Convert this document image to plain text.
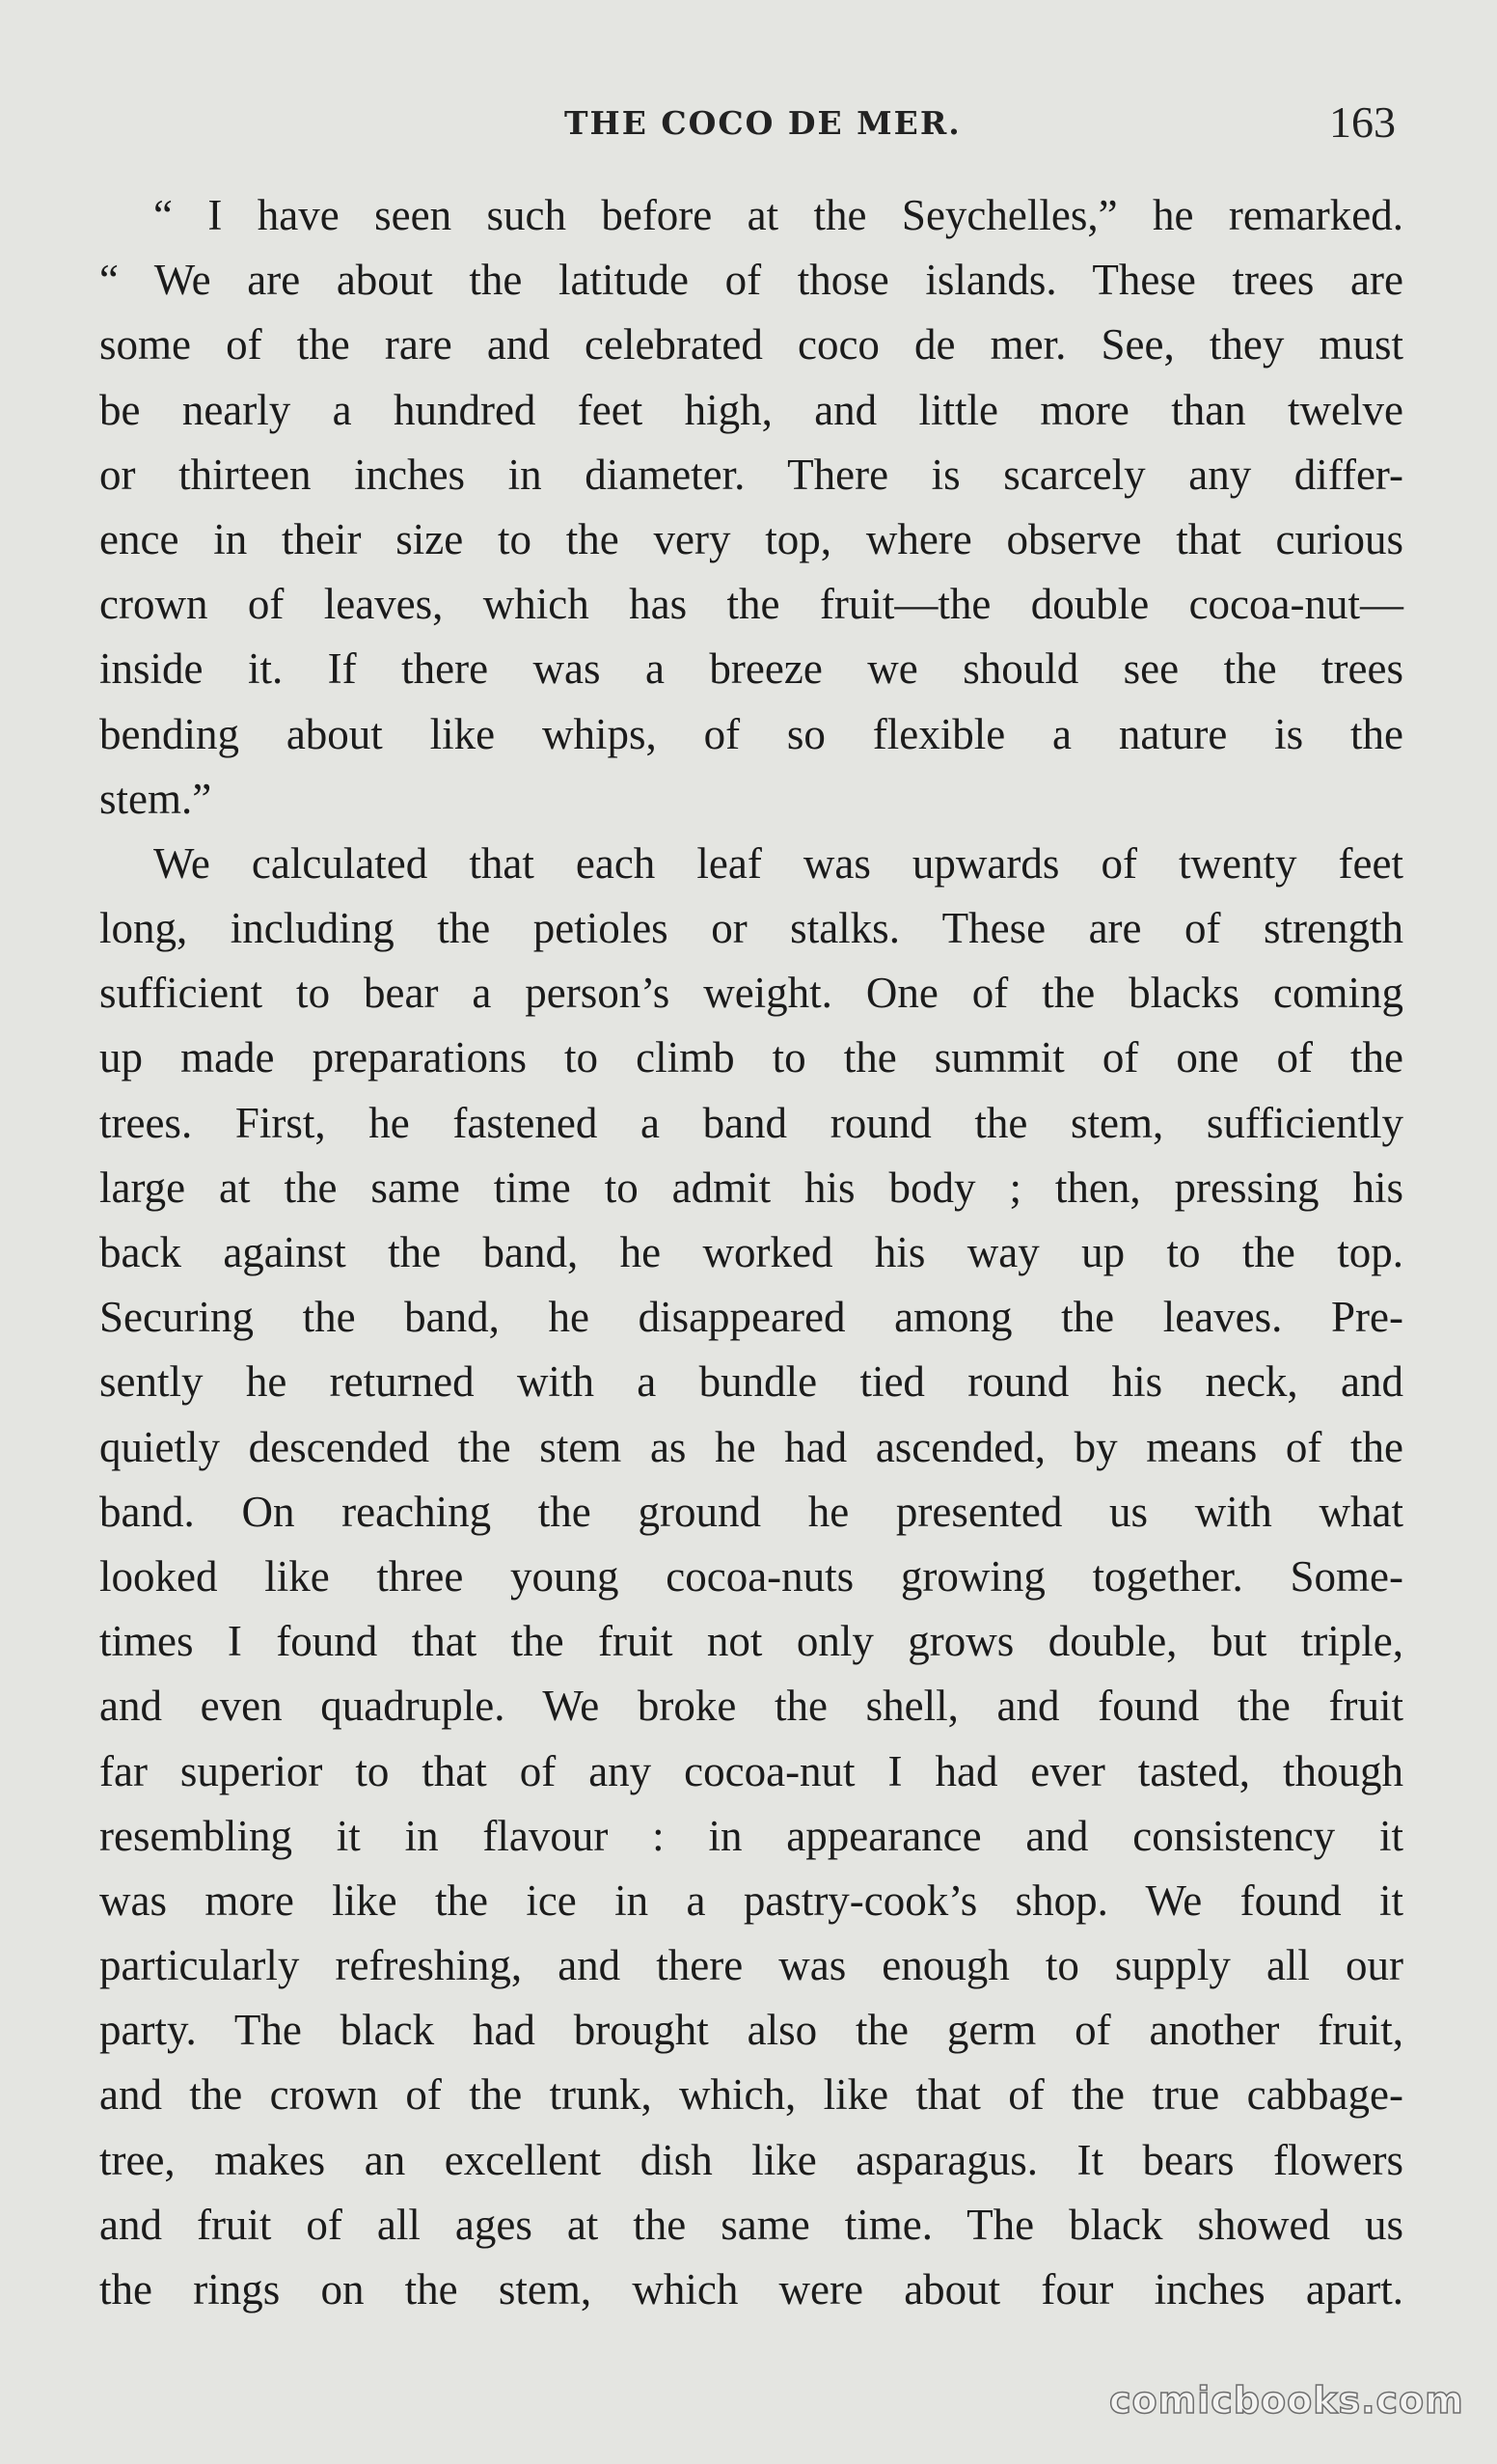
THE COCO DE MER.	163
“ I have seen such before at the Seychelles,” he remarked.
“ We are about the latitude of those islands. These trees are
some of the rare and celebrated coco de mer. See, they must
be nearly a hundred feet high, and little more than twelve
or thirteen inches in diameter. There is scarcely any differ-
ence in their size to the very top, where observe that curious
crown of leaves, which has the fruit—the double cocoa-nut—
inside it. If there was a breeze we should see the trees
bending about like whips, of so flexible a nature is the
stem.”
We calculated that each leaf was upwards of twenty feet
long, including the petioles or stalks. These are of strength
sufficient to bear a person’s weight. One of the blacks coming
up made preparations to climb to the summit of one of the
trees. First, he fastened a band round the stem, sufficiently
large at the same time to admit his body ; then, pressing his
back against the band, he worked his way up to the top.
Securing the band, he disappeared among the leaves. Pre-
sently he returned with a bundle tied round his neck, and
quietly descended the stem as he had ascended, by means of the
band. On reaching the ground he presented us with what
looked like three young cocoa-nuts growing together. Some-
times I found that the fruit not only grows double, but triple,
and even quadruple. We broke the shell, and found the fruit
far superior to that of any cocoa-nut I had ever tasted, though
resembling it in flavour : in appearance and consistency it
was more like the ice in a pastry-cook’s shop. We found it
particularly refreshing, and there was enough to supply all our
party. The black had brought also the germ of another fruit,
and the crown of the trunk, which, like that of the true cabbage-
tree, makes an excellent dish like asparagus. It bears flowers
and fruit of all ages at the same time. The black showed us
the rings on the stem, which were about four inches apart.
comicbooks.com
